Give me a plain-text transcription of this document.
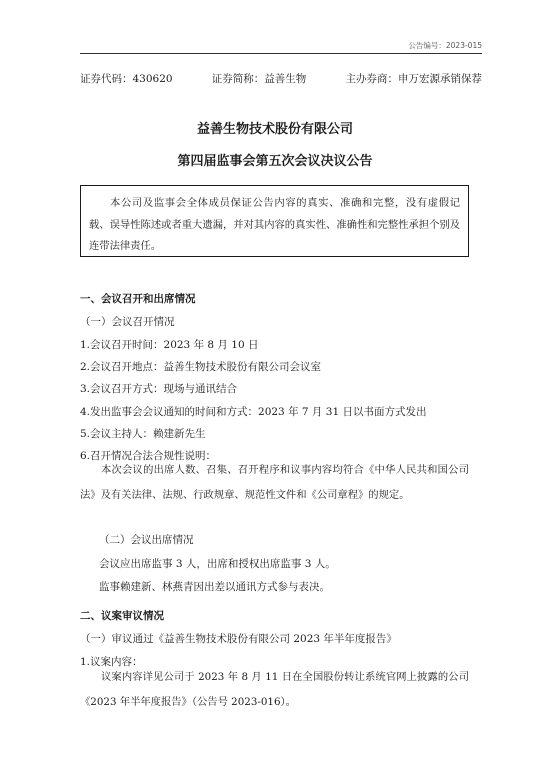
公告编号：2023-015
证券代码：430620	证券简称：益善生物	主办券商：申万宏源承销保荐
益善生物技术股份有限公司
第四届监事会第五次会议决议公告
本公司及监事会全体成员保证公告内容的真实、准确和完整，没有虚假记载、误导性陈述或者重大遗漏，并对其内容的真实性、准确性和完整性承担个别及连带法律责任。
一、会议召开和出席情况
（一）会议召开情况
1.会议召开时间：2023 年 8 月 10 日
2.会议召开地点：益善生物技术股份有限公司会议室
3.会议召开方式：现场与通讯结合
4.发出监事会会议通知的时间和方式：2023 年 7 月 31 日以书面方式发出
5.会议主持人：赖建新先生
6.召开情况合法合规性说明：
本次会议的出席人数、召集、召开程序和议事内容均符合《中华人民共和国公司法》及有关法律、法规、行政规章、规范性文件和《公司章程》的规定。
（二）会议出席情况
会议应出席监事 3 人，出席和授权出席监事 3 人。
监事赖建新、林燕青因出差以通讯方式参与表决。
二、议案审议情况
（一）审议通过《益善生物技术股份有限公司 2023 年半年度报告》
1.议案内容：
议案内容详见公司于 2023 年 8 月 11 日在全国股份转让系统官网上披露的公司《2023 年半年度报告》（公告号 2023-016）。
